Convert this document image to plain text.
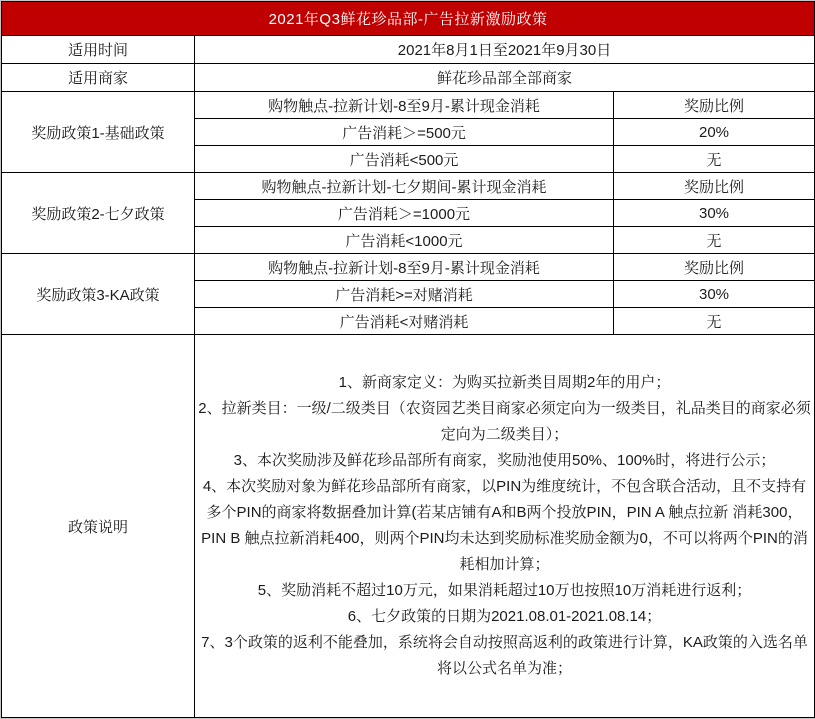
2021年Q3鲜花珍品部-广告拉新激励政策		
适用时间	2021年8月1日至2021年9月30日	
适用商家	鲜花珍品部全部商家	
奖励政策1-基础政策	购物触点-拉新计划-8至9月-累计现金消耗	奖励比例
	广告消耗＞=500元	20%
	广告消耗<500元	无
奖励政策2-七夕政策	购物触点-拉新计划-七夕期间-累计现金消耗	奖励比例
	广告消耗＞=1000元	30%
	广告消耗<1000元	无
奖励政策3-KA政策	购物触点-拉新计划-8至9月-累计现金消耗	奖励比例
	广告消耗>=对赌消耗	30%
	广告消耗<对赌消耗	无
政策说明	
1、新商家定义：为购买拉新类目周期2年的用户；
2、拉新类目：一级/二级类目（农资园艺类目商家必须定向为一级类目，礼品类目的商家必须定向为二级类目）；
3、本次奖励涉及鲜花珍品部所有商家，奖励池使用50%、100%时，将进行公示；
4、本次奖励对象为鲜花珍品部所有商家，以PIN为维度统计，不包含联合活动，且不支持有多个PIN的商家将数据叠加计算(若某店铺有A和B两个投放PIN，PIN A 触点拉新 消耗300，PIN B 触点拉新消耗400，则两个PIN均未达到奖励标准奖励金额为0，不可以将两个PIN的消耗相加计算；
5、奖励消耗不超过10万元，如果消耗超过10万也按照10万消耗进行返利；
6、七夕政策的日期为2021.08.01-2021.08.14；
7、3个政策的返利不能叠加，系统将会自动按照高返利的政策进行计算，KA政策的入选名单将以公式名单为准；
